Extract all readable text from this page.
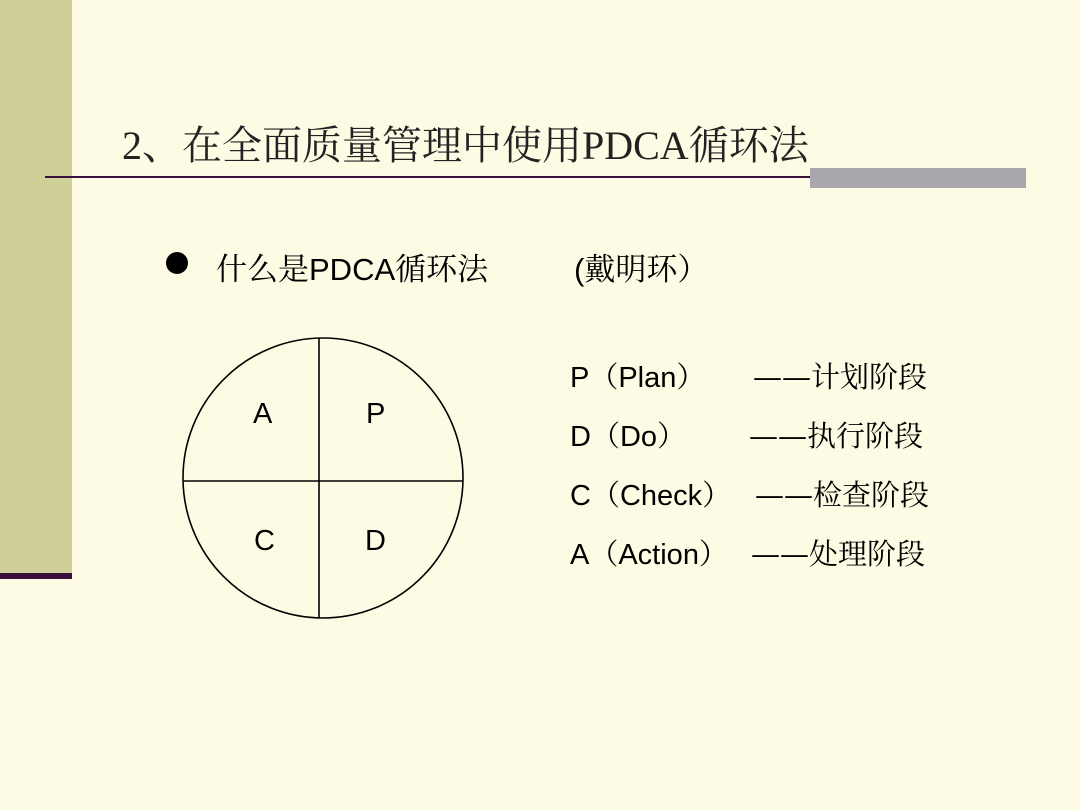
2、在全面质量管理中使用PDCA循环法
什么是PDCA循环法	(戴明环）
A	P
C	D
P（Plan） ——计划阶段
D（Do） ——执行阶段
C（Check） ——检查阶段
A（Action） ——处理阶段
